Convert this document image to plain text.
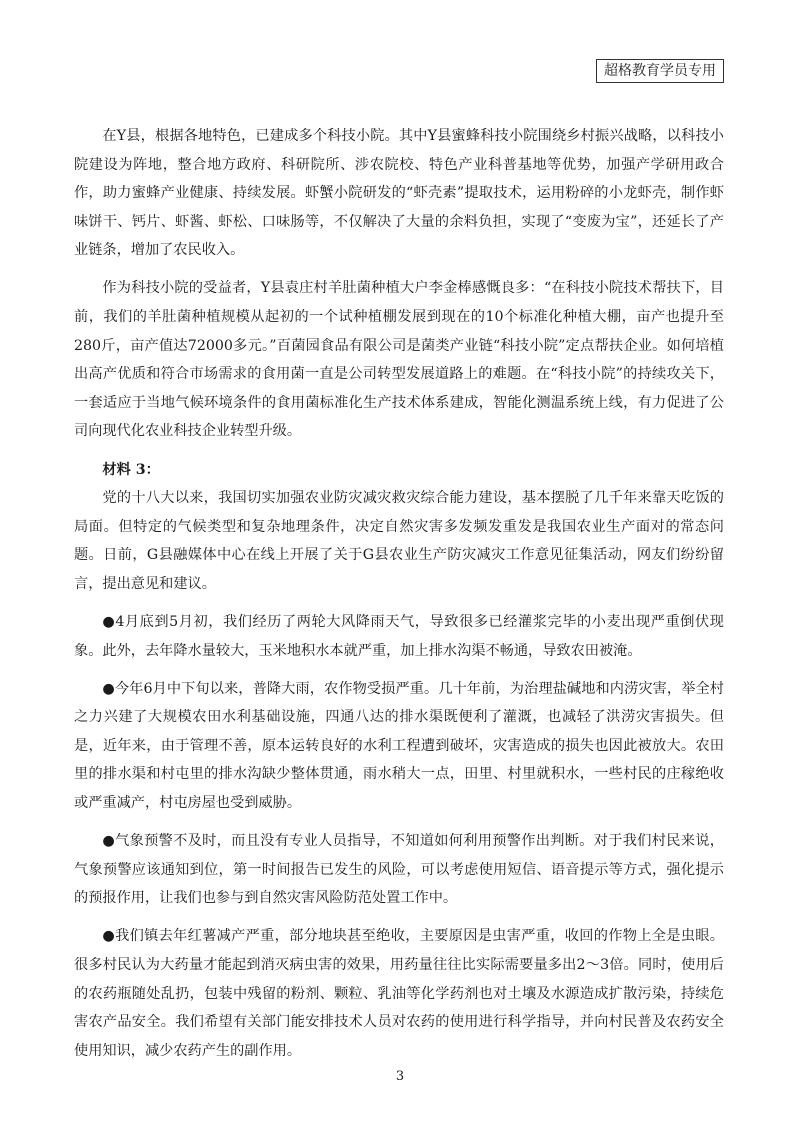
超格教育学员专用

在Y县，根据各地特色，已建成多个科技小院。其中Y县蜜蜂科技小院围绕乡村振兴战略，以科技小院建设为阵地，整合地方政府、科研院所、涉农院校、特色产业科普基地等优势，加强产学研用政合作，助力蜜蜂产业健康、持续发展。虾蟹小院研发的“虾壳素”提取技术，运用粉碎的小龙虾壳，制作虾味饼干、钙片、虾酱、虾松、口味肠等，不仅解决了大量的余料负担，实现了“变废为宝”，还延长了产业链条，增加了农民收入。

作为科技小院的受益者，Y县袁庄村羊肚菌种植大户李金棒感慨良多：“在科技小院技术帮扶下，目前，我们的羊肚菌种植规模从起初的一个试种植棚发展到现在的10个标准化种植大棚，亩产也提升至280斤，亩产值达72000多元。”百菌园食品有限公司是菌类产业链“科技小院”定点帮扶企业。如何培植出高产优质和符合市场需求的食用菌一直是公司转型发展道路上的难题。在“科技小院”的持续攻关下，一套适应于当地气候环境条件的食用菌标准化生产技术体系建成，智能化测温系统上线，有力促进了公司向现代化农业科技企业转型升级。

材料 3：

党的十八大以来，我国切实加强农业防灾减灾救灾综合能力建设，基本摆脱了几千年来靠天吃饭的局面。但特定的气候类型和复杂地理条件，决定自然灾害多发频发重发是我国农业生产面对的常态问题。日前，G县融媒体中心在线上开展了关于G县农业生产防灾减灾工作意见征集活动，网友们纷纷留言，提出意见和建议。

●4月底到5月初，我们经历了两轮大风降雨天气，导致很多已经灌浆完毕的小麦出现严重倒伏现象。此外，去年降水量较大，玉米地积水本就严重，加上排水沟渠不畅通，导致农田被淹。

●今年6月中下旬以来，普降大雨，农作物受损严重。几十年前，为治理盐碱地和内涝灾害，举全村之力兴建了大规模农田水利基础设施，四通八达的排水渠既便利了灌溉，也减轻了洪涝灾害损失。但是，近年来，由于管理不善，原本运转良好的水利工程遭到破坏，灾害造成的损失也因此被放大。农田里的排水渠和村屯里的排水沟缺少整体贯通，雨水稍大一点，田里、村里就积水，一些村民的庄稼绝收或严重减产，村屯房屋也受到威胁。

●气象预警不及时，而且没有专业人员指导，不知道如何利用预警作出判断。对于我们村民来说，气象预警应该通知到位，第一时间报告已发生的风险，可以考虑使用短信、语音提示等方式，强化提示的预报作用，让我们也参与到自然灾害风险防范处置工作中。

●我们镇去年红薯减产严重，部分地块甚至绝收，主要原因是虫害严重，收回的作物上全是虫眼。很多村民认为大药量才能起到消灭病虫害的效果，用药量往往比实际需要量多出2～3倍。同时，使用后的农药瓶随处乱扔，包装中残留的粉剂、颗粒、乳油等化学药剂也对土壤及水源造成扩散污染，持续危害农产品安全。我们希望有关部门能安排技术人员对农药的使用进行科学指导，并向村民普及农药安全使用知识，减少农药产生的副作用。

3
